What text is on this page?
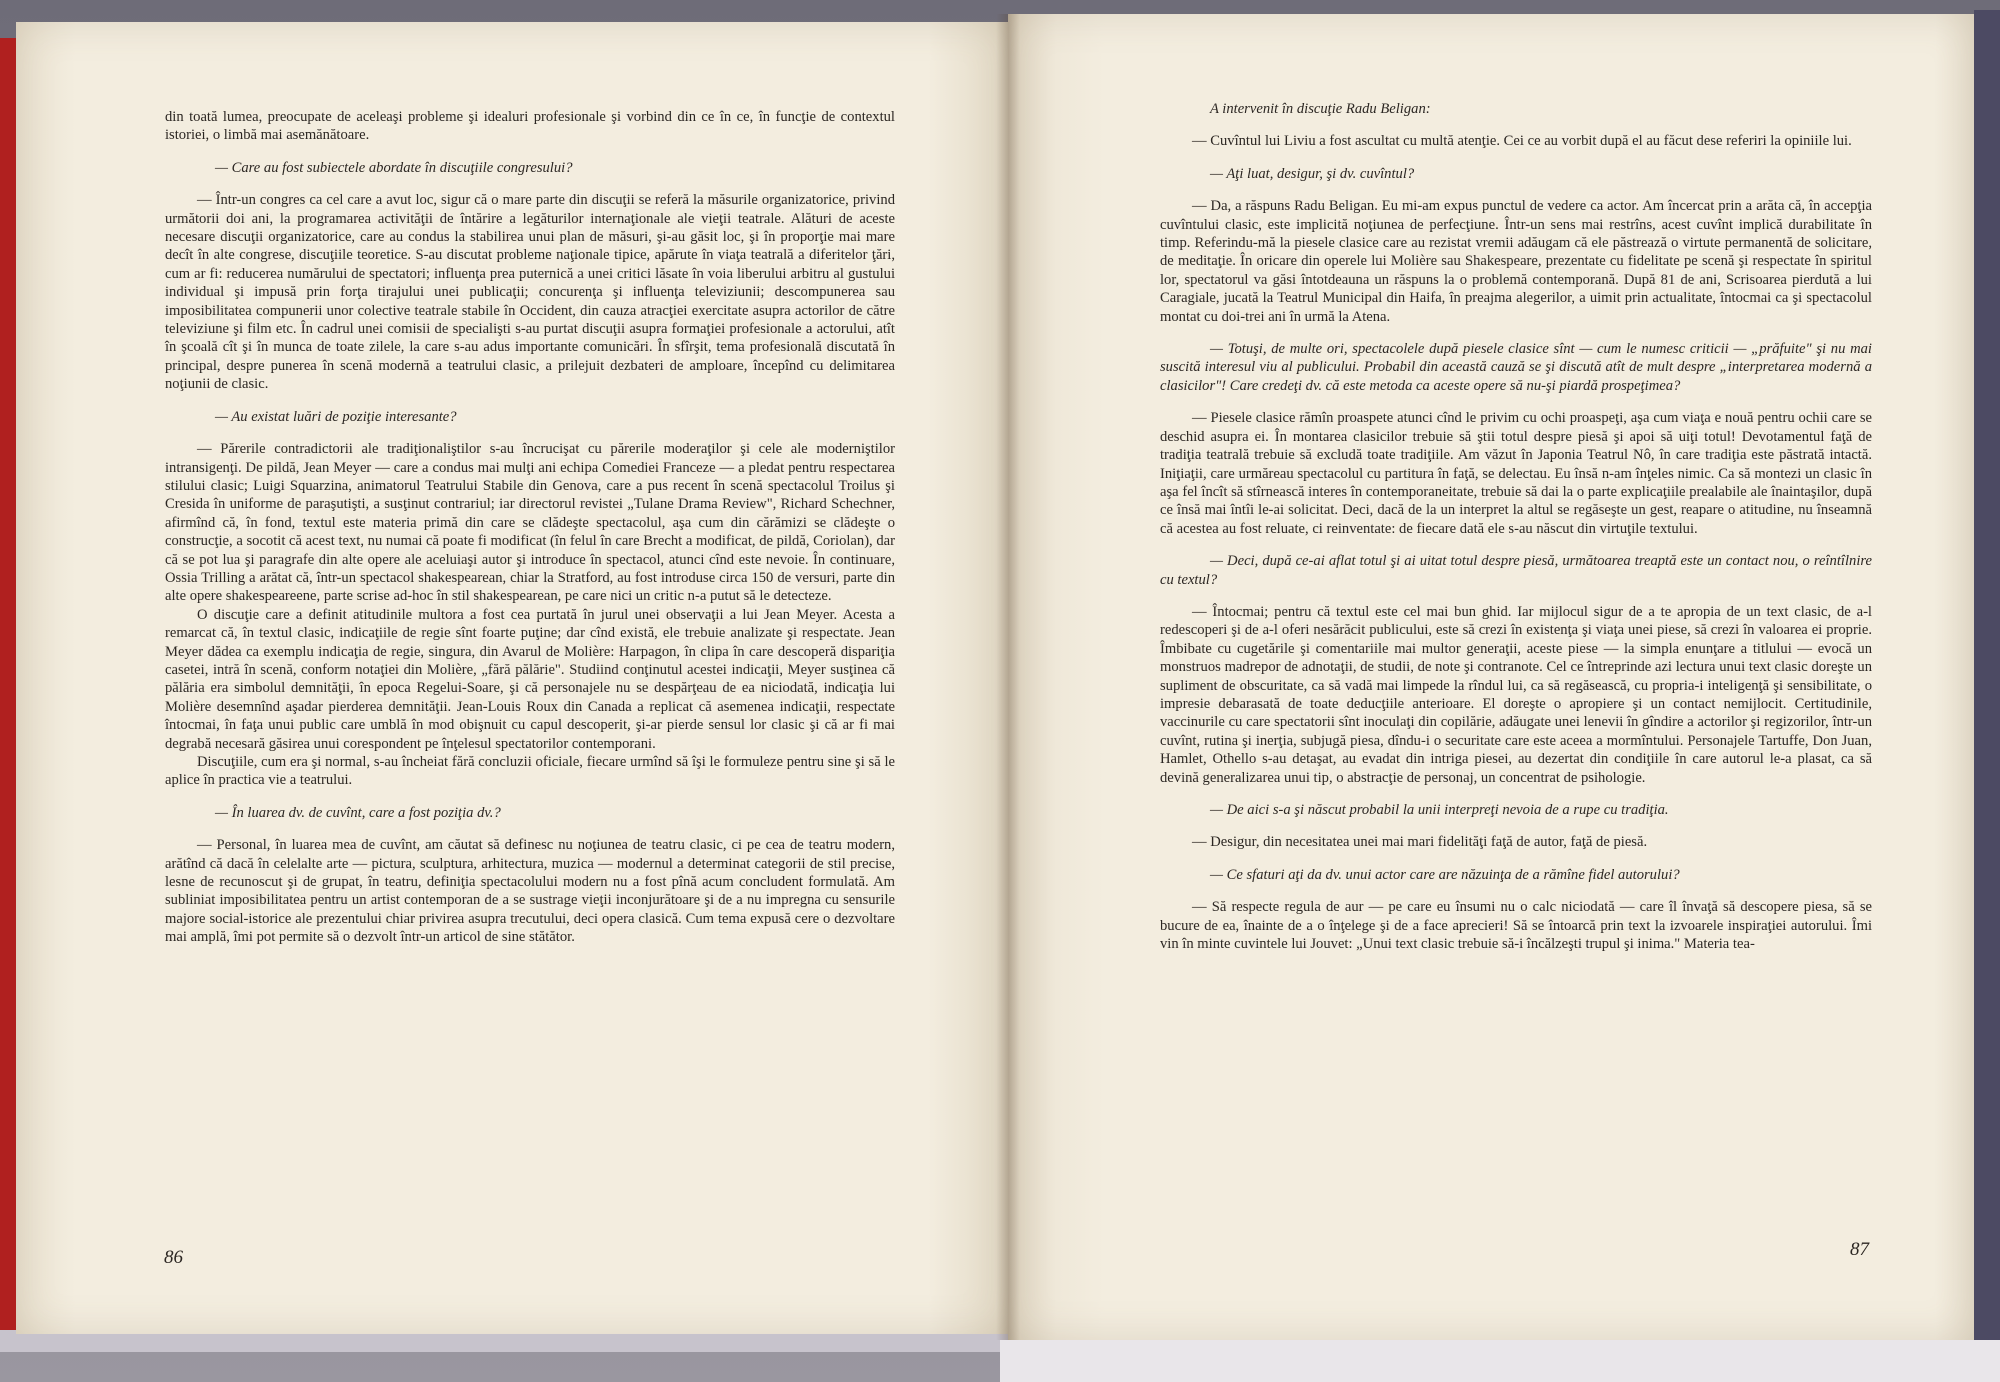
din toată lumea, preocupate de aceleaşi probleme şi idealuri profesionale şi vorbind din ce în ce, în funcţie de contextul istoriei, o limbă mai asemănătoare.

— Care au fost subiectele abordate în discuţiile congresului?

— Într-un congres ca cel care a avut loc, sigur că o mare parte din discuţii se referă la măsurile organizatorice, privind următorii doi ani, la programarea activităţii de întărire a legăturilor internaţionale ale vieţii teatrale. Alături de aceste necesare discuţii organizatorice, care au condus la stabilirea unui plan de măsuri, şi-au găsit loc, şi în proporţie mai mare decît în alte congrese, discuţiile teoretice. S-au discutat probleme naţionale tipice, apărute în viaţa teatrală a diferitelor ţări, cum ar fi: reducerea numărului de spectatori; influenţa prea puternică a unei critici lăsate în voia liberului arbitru al gustului individual şi impusă prin forţa tirajului unei publicaţii; concurenţa şi influenţa televiziunii; descompunerea sau imposibilitatea compunerii unor colective teatrale stabile în Occident, din cauza atracţiei exercitate asupra actorilor de către televiziune şi film etc. În cadrul unei comisii de specialişti s-au purtat discuţii asupra formaţiei profesionale a actorului, atît în şcoală cît şi în munca de toate zilele, la care s-au adus importante comunicări. În sfîrşit, tema profesională discutată în principal, despre punerea în scenă modernă a teatrului clasic, a prilejuit dezbateri de amploare, începînd cu delimitarea noţiunii de clasic.

— Au existat luări de poziţie interesante?

— Părerile contradictorii ale tradiţionaliştilor s-au încrucişat cu părerile moderaţilor şi cele ale moderniştilor intransigenţi. De pildă, Jean Meyer — care a condus mai mulţi ani echipa Comediei Franceze — a pledat pentru respectarea stilului clasic; Luigi Squarzina, animatorul Teatrului Stabile din Genova, care a pus recent în scenă spectacolul Troilus şi Cresida în uniforme de paraşutişti, a susţinut contrariul; iar directorul revistei „Tulane Drama Review", Richard Schechner, afirmînd că, în fond, textul este materia primă din care se clădeşte spectacolul, aşa cum din cărămizi se clădeşte o construcţie, a socotit că acest text, nu numai că poate fi modificat (în felul în care Brecht a modificat, de pildă, Coriolan), dar că se pot lua şi paragrafe din alte opere ale aceluiaşi autor şi introduce în spectacol, atunci cînd este nevoie. În continuare, Ossia Trilling a arătat că, într-un spectacol shakespearean, chiar la Stratford, au fost introduse circa 150 de versuri, parte din alte opere shakespeareene, parte scrise ad-hoc în stil shakespearean, pe care nici un critic n-a putut să le detecteze.

O discuţie care a definit atitudinile multora a fost cea purtată în jurul unei observaţii a lui Jean Meyer. Acesta a remarcat că, în textul clasic, indicaţiile de regie sînt foarte puţine; dar cînd există, ele trebuie analizate şi respectate. Jean Meyer dădea ca exemplu indicaţia de regie, singura, din Avarul de Molière: Harpagon, în clipa în care descoperă dispariţia casetei, intră în scenă, conform notaţiei din Molière, „fără pălărie". Studiind conţinutul acestei indicaţii, Meyer susţinea că pălăria era simbolul demnităţii, în epoca Regelui-Soare, şi că personajele nu se despărţeau de ea niciodată, indicaţia lui Molière desemnînd aşadar pierderea demnităţii. Jean-Louis Roux din Canada a replicat că asemenea indicaţii, respectate întocmai, în faţa unui public care umblă în mod obişnuit cu capul descoperit, şi-ar pierde sensul lor clasic şi că ar fi mai degrabă necesară găsirea unui corespondent pe înţelesul spectatorilor contemporani.

Discuţiile, cum era şi normal, s-au încheiat fără concluzii oficiale, fiecare urmînd să îşi le formuleze pentru sine şi să le aplice în practica vie a teatrului.

— În luarea dv. de cuvînt, care a fost poziţia dv.?

— Personal, în luarea mea de cuvînt, am căutat să definesc nu noţiunea de teatru clasic, ci pe cea de teatru modern, arătînd că dacă în celelalte arte — pictura, sculptura, arhitectura, muzica — modernul a determinat categorii de stil precise, lesne de recunoscut şi de grupat, în teatru, definiţia spectacolului modern nu a fost pînă acum concludent formulată. Am subliniat imposibilitatea pentru un artist contemporan de a se sustrage vieţii inconjurătoare şi de a nu impregna cu sensurile majore social-istorice ale prezentului chiar privirea asupra trecutului, deci opera clasică. Cum tema expusă cere o dezvoltare mai amplă, îmi pot permite să o dezvolt într-un articol de sine stătător.

86

A intervenit în discuţie Radu Beligan:

— Cuvîntul lui Liviu a fost ascultat cu multă atenţie. Cei ce au vorbit după el au făcut dese referiri la opiniile lui.

— Aţi luat, desigur, şi dv. cuvîntul?

— Da, a răspuns Radu Beligan. Eu mi-am expus punctul de vedere ca actor. Am încercat prin a arăta că, în accepţia cuvîntului clasic, este implicită noţiunea de perfecţiune. Într-un sens mai restrîns, acest cuvînt implică durabilitate în timp. Referindu-mă la piesele clasice care au rezistat vremii adăugam că ele păstrează o virtute permanentă de solicitare, de meditaţie. În oricare din operele lui Molière sau Shakespeare, prezentate cu fidelitate pe scenă şi respectate în spiritul lor, spectatorul va găsi întotdeauna un răspuns la o problemă contemporană. După 81 de ani, Scrisoarea pierdută a lui Caragiale, jucată la Teatrul Municipal din Haifa, în preajma alegerilor, a uimit prin actualitate, întocmai ca şi spectacolul montat cu doi-trei ani în urmă la Atena.

— Totuşi, de multe ori, spectacolele după piesele clasice sînt — cum le numesc criticii — „prăfuite" şi nu mai suscită interesul viu al publicului. Probabil din această cauză se şi discută atît de mult despre „interpretarea modernă a clasicilor"! Care credeţi dv. că este metoda ca aceste opere să nu-şi piardă prospeţimea?

— Piesele clasice rămîn proaspete atunci cînd le privim cu ochi proaspeţi, aşa cum viaţa e nouă pentru ochii care se deschid asupra ei. În montarea clasicilor trebuie să ştii totul despre piesă şi apoi să uiţi totul! Devotamentul faţă de tradiţia teatrală trebuie să excludă toate tradiţiile. Am văzut în Japonia Teatrul Nô, în care tradiţia este păstrată intactă. Iniţiaţii, care urmăreau spectacolul cu partitura în faţă, se delectau. Eu însă n-am înţeles nimic. Ca să montezi un clasic în aşa fel încît să stîrnească interes în contemporaneitate, trebuie să dai la o parte explicaţiile prealabile ale înaintaşilor, după ce însă mai întîi le-ai solicitat. Deci, dacă de la un interpret la altul se regăseşte un gest, reapare o atitudine, nu înseamnă că acestea au fost reluate, ci reinventate: de fiecare dată ele s-au născut din virtuţile textului.

— Deci, după ce-ai aflat totul şi ai uitat totul despre piesă, următoarea treaptă este un contact nou, o reîntîlnire cu textul?

— Întocmai; pentru că textul este cel mai bun ghid. Iar mijlocul sigur de a te apropia de un text clasic, de a-l redescoperi şi de a-l oferi nesărăcit publicului, este să crezi în existenţa şi viaţa unei piese, să crezi în valoarea ei proprie. Îmbibate cu cugetările şi comentariile mai multor generaţii, aceste piese — la simpla enunţare a titlului — evocă un monstruos madrepor de adnotaţii, de studii, de note şi contranote. Cel ce întreprinde azi lectura unui text clasic doreşte un supliment de obscuritate, ca să vadă mai limpede la rîndul lui, ca să regăsească, cu propria-i inteligenţă şi sensibilitate, o impresie debarasată de toate deducţiile anterioare. El doreşte o apropiere şi un contact nemijlocit. Certitudinile, vaccinurile cu care spectatorii sînt inoculaţi din copilărie, adăugate unei lenevii în gîndire a actorilor şi regizorilor, într-un cuvînt, rutina şi inerţia, subjugă piesa, dîndu-i o securitate care este aceea a mormîntului. Personajele Tartuffe, Don Juan, Hamlet, Othello s-au detaşat, au evadat din intriga piesei, au dezertat din condiţiile în care autorul le-a plasat, ca să devină generalizarea unui tip, o abstracţie de personaj, un concentrat de psihologie.

— De aici s-a şi născut probabil la unii interpreţi nevoia de a rupe cu tradiţia.

— Desigur, din necesitatea unei mai mari fidelităţi faţă de autor, faţă de piesă.

— Ce sfaturi aţi da dv. unui actor care are năzuinţa de a rămîne fidel autorului?

— Să respecte regula de aur — pe care eu însumi nu o calc niciodată — care îl învaţă să descopere piesa, să se bucure de ea, înainte de a o înţelege şi de a face aprecieri! Să se întoarcă prin text la izvoarele inspiraţiei autorului. Îmi vin în minte cuvintele lui Jouvet: „Unui text clasic trebuie să-i încălzeşti trupul şi inima." Materia tea-

87
